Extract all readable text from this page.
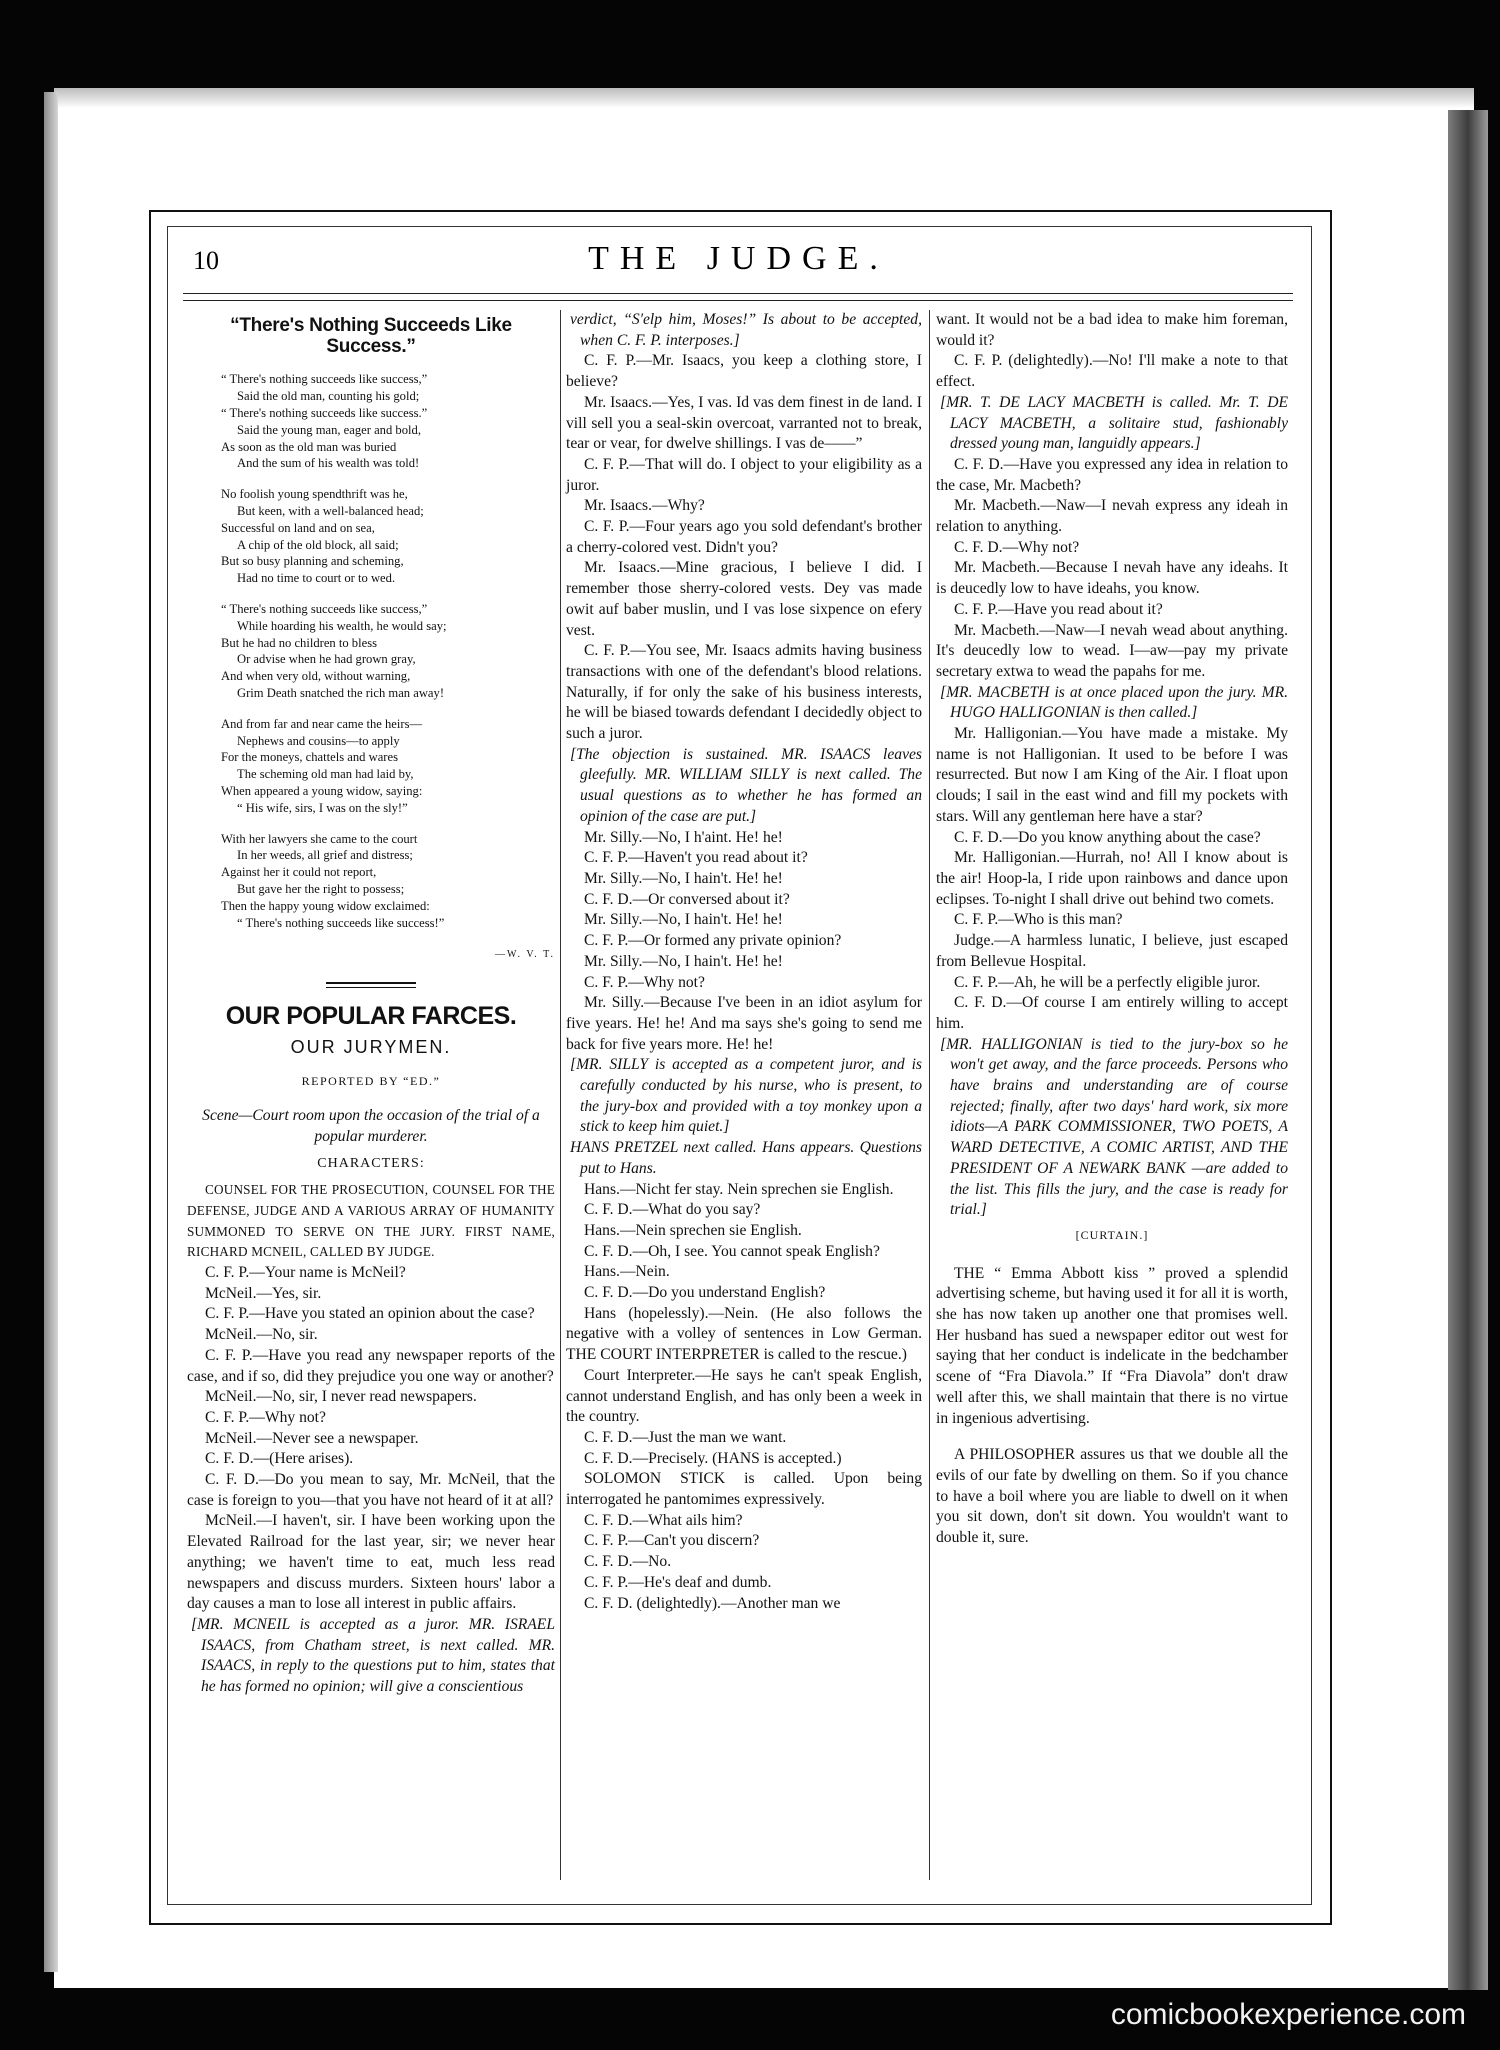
10	THE JUDGE.
“There's Nothing Succeeds Like Success.”
“ There's nothing succeeds like success,”
Said the old man, counting his gold;
“ There's nothing succeeds like success.”
Said the young man, eager and bold,
As soon as the old man was buried
And the sum of his wealth was told!
No foolish young spendthrift was he,
But keen, with a well-balanced head;
Successful on land and on sea,
A chip of the old block, all said;
But so busy planning and scheming,
Had no time to court or to wed.
“ There's nothing succeeds like success,”
While hoarding his wealth, he would say;
But he had no children to bless
Or advise when he had grown gray,
And when very old, without warning,
Grim Death snatched the rich man away!
And from far and near came the heirs—
Nephews and cousins—to apply
For the moneys, chattels and wares
The scheming old man had laid by,
When appeared a young widow, saying:
“ His wife, sirs, I was on the sly!”
With her lawyers she came to the court
In her weeds, all grief and distress;
Against her it could not report,
But gave her the right to possess;
Then the happy young widow exclaimed:
“ There's nothing succeeds like success!”
—W. V. T.
OUR POPULAR FARCES.
OUR JURYMEN.
REPORTED BY “ED.”
Scene—Court room upon the occasion of the trial of a popular murderer.
CHARACTERS:

COUNSEL FOR THE PROSECUTION, COUNSEL FOR THE DEFENSE, JUDGE AND A VARIOUS ARRAY OF HUMANITY SUMMONED TO SERVE ON THE JURY. FIRST NAME, RICHARD MCNEIL, CALLED BY JUDGE.

C. F. P.—Your name is McNeil?

McNeil.—Yes, sir.

C. F. P.—Have you stated an opinion about the case?

McNeil.—No, sir.

C. F. P.—Have you read any newspaper reports of the case, and if so, did they prejudice you one way or another?

McNeil.—No, sir, I never read newspapers.

C. F. P.—Why not?

McNeil.—Never see a newspaper.

C. F. D.—(Here arises).

C. F. D.—Do you mean to say, Mr. McNeil, that the case is foreign to you—that you have not heard of it at all?

McNeil.—I haven't, sir. I have been working upon the Elevated Railroad for the last year, sir; we never hear anything; we haven't time to eat, much less read newspapers and discuss murders. Sixteen hours' labor a day causes a man to lose all interest in public affairs.

[MR. MCNEIL is accepted as a juror. MR. ISRAEL ISAACS, from Chatham street, is next called. MR. ISAACS, in reply to the questions put to him, states that he has formed no opinion; will give a conscientious

verdict, “S'elp him, Moses!” Is about to be accepted, when C. F. P. interposes.]

C. F. P.—Mr. Isaacs, you keep a clothing store, I believe?

Mr. Isaacs.—Yes, I vas. Id vas dem finest in de land. I vill sell you a seal-skin overcoat, varranted not to break, tear or vear, for dwelve shillings. I vas de——”

C. F. P.—That will do. I object to your eligibility as a juror.

Mr. Isaacs.—Why?

C. F. P.—Four years ago you sold defendant's brother a cherry-colored vest. Didn't you?

Mr. Isaacs.—Mine gracious, I believe I did. I remember those sherry-colored vests. Dey vas made owit auf baber muslin, und I vas lose sixpence on efery vest.

C. F. P.—You see, Mr. Isaacs admits having business transactions with one of the defendant's blood relations. Naturally, if for only the sake of his business interests, he will be biased towards defendant I decidedly object to such a juror.

[The objection is sustained. MR. ISAACS leaves gleefully. MR. WILLIAM SILLY is next called. The usual questions as to whether he has formed an opinion of the case are put.]

Mr. Silly.—No, I h'aint. He! he!

C. F. P.—Haven't you read about it?

Mr. Silly.—No, I hain't. He! he!

C. F. D.—Or conversed about it?

Mr. Silly.—No, I hain't. He! he!

C. F. P.—Or formed any private opinion?

Mr. Silly.—No, I hain't. He! he!

C. F. P.—Why not?

Mr. Silly.—Because I've been in an idiot asylum for five years. He! he! And ma says she's going to send me back for five years more. He! he!

[MR. SILLY is accepted as a competent juror, and is carefully conducted by his nurse, who is present, to the jury-box and provided with a toy monkey upon a stick to keep him quiet.]

HANS PRETZEL next called. Hans appears. Questions put to Hans.

Hans.—Nicht fer stay. Nein sprechen sie English.

C. F. D.—What do you say?

Hans.—Nein sprechen sie English.

C. F. D.—Oh, I see. You cannot speak English?

Hans.—Nein.

C. F. D.—Do you understand English?

Hans (hopelessly).—Nein. (He also follows the negative with a volley of sentences in Low German. THE COURT INTERPRETER is called to the rescue.)

Court Interpreter.—He says he can't speak English, cannot understand English, and has only been a week in the country.

C. F. D.—Just the man we want.

C. F. D.—Precisely. (HANS is accepted.)

SOLOMON STICK is called. Upon being interrogated he pantomimes expressively.

C. F. D.—What ails him?

C. F. P.—Can't you discern?

C. F. D.—No.

C. F. P.—He's deaf and dumb.

C. F. D. (delightedly).—Another man we

want. It would not be a bad idea to make him foreman, would it?

C. F. P. (delightedly).—No! I'll make a note to that effect.

[MR. T. DE LACY MACBETH is called. Mr. T. DE LACY MACBETH, a solitaire stud, fashionably dressed young man, languidly appears.]

C. F. D.—Have you expressed any idea in relation to the case, Mr. Macbeth?

Mr. Macbeth.—Naw—I nevah express any ideah in relation to anything.

C. F. D.—Why not?

Mr. Macbeth.—Because I nevah have any ideahs. It is deucedly low to have ideahs, you know.

C. F. P.—Have you read about it?

Mr. Macbeth.—Naw—I nevah wead about anything. It's deucedly low to wead. I—aw—pay my private secretary extwa to wead the papahs for me.

[MR. MACBETH is at once placed upon the jury. MR. HUGO HALLIGONIAN is then called.]

Mr. Halligonian.—You have made a mistake. My name is not Halligonian. It used to be before I was resurrected. But now I am King of the Air. I float upon clouds; I sail in the east wind and fill my pockets with stars. Will any gentleman here have a star?

C. F. D.—Do you know anything about the case?

Mr. Halligonian.—Hurrah, no! All I know about is the air! Hoop-la, I ride upon rainbows and dance upon eclipses. To-night I shall drive out behind two comets.

C. F. P.—Who is this man?

Judge.—A harmless lunatic, I believe, just escaped from Bellevue Hospital.

C. F. P.—Ah, he will be a perfectly eligible juror.

C. F. D.—Of course I am entirely willing to accept him.

[MR. HALLIGONIAN is tied to the jury-box so he won't get away, and the farce proceeds. Persons who have brains and understanding are of course rejected; finally, after two days' hard work, six more idiots—A PARK COMMISSIONER, TWO POETS, A WARD DETECTIVE, A COMIC ARTIST, AND THE PRESIDENT OF A NEWARK BANK —are added to the list. This fills the jury, and the case is ready for trial.]

[CURTAIN.]

THE “ Emma Abbott kiss ” proved a splendid advertising scheme, but having used it for all it is worth, she has now taken up another one that promises well. Her husband has sued a newspaper editor out west for saying that her conduct is indelicate in the bedchamber scene of “Fra Diavola.” If “Fra Diavola” don't draw well after this, we shall maintain that there is no virtue in ingenious advertising.

A PHILOSOPHER assures us that we double all the evils of our fate by dwelling on them. So if you chance to have a boil where you are liable to dwell on it when you sit down, don't sit down. You wouldn't want to double it, sure.

comicbookexperience.com
